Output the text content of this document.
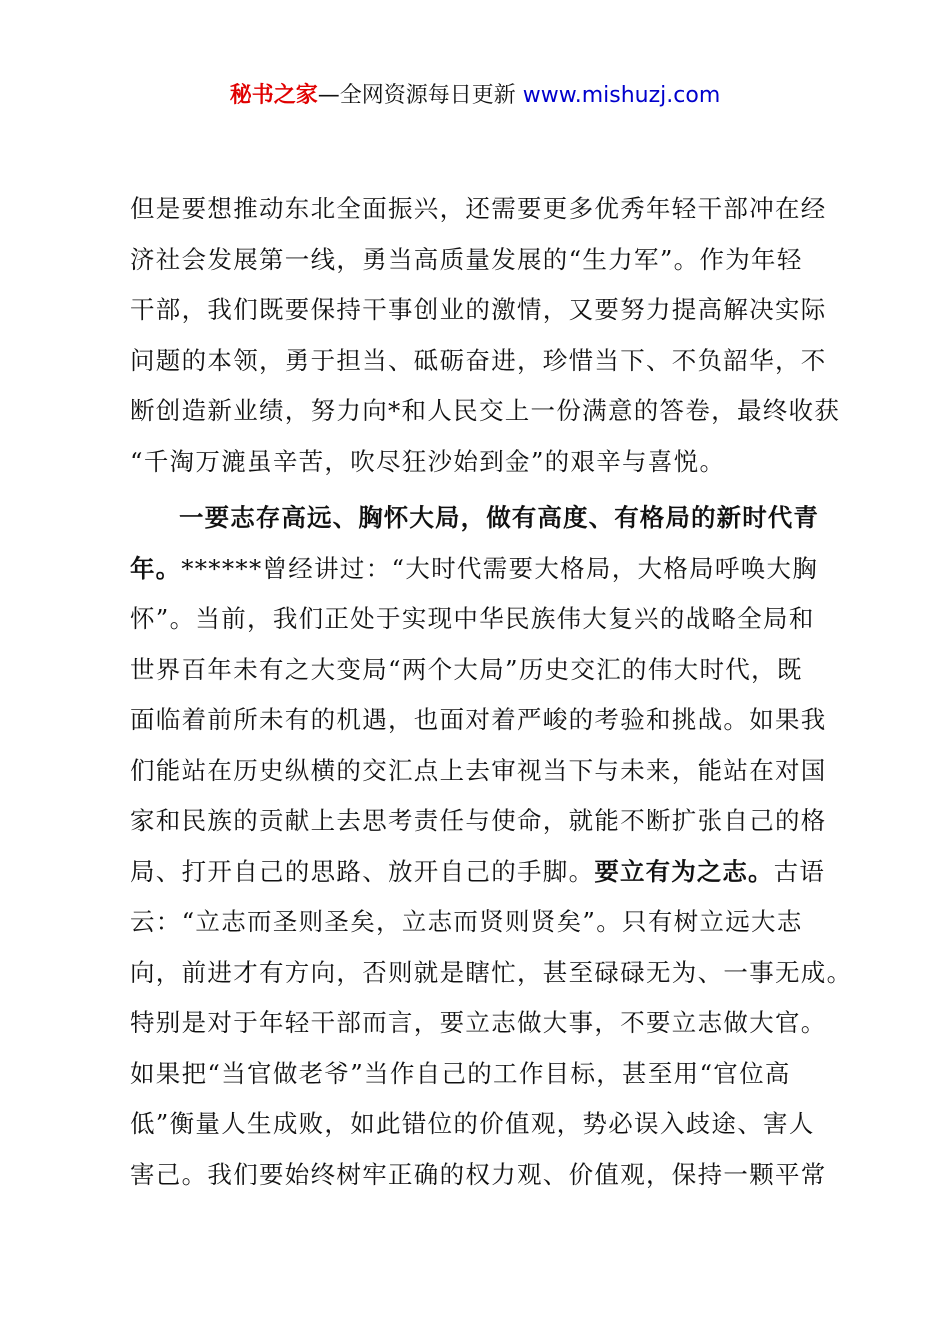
秘书之家—全网资源每日更新 www.mishuzj.com
但是要想推动东北全面振兴，还需要更多优秀年轻干部冲在经
济社会发展第一线，勇当高质量发展的“生力军”。作为年轻
干部，我们既要保持干事创业的激情，又要努力提高解决实际
问题的本领，勇于担当、砥砺奋进，珍惜当下、不负韶华，不
断创造新业绩，努力向*和人民交上一份满意的答卷，最终收获
“千淘万漉虽辛苦，吹尽狂沙始到金”的艰辛与喜悦。
一要志存高远、胸怀大局，做有高度、有格局的新时代青
年。******曾经讲过：“大时代需要大格局，大格局呼唤大胸
怀”。当前，我们正处于实现中华民族伟大复兴的战略全局和
世界百年未有之大变局“两个大局”历史交汇的伟大时代，既
面临着前所未有的机遇，也面对着严峻的考验和挑战。如果我
们能站在历史纵横的交汇点上去审视当下与未来，能站在对国
家和民族的贡献上去思考责任与使命，就能不断扩张自己的格
局、打开自己的思路、放开自己的手脚。要立有为之志。古语
云：“立志而圣则圣矣，立志而贤则贤矣”。只有树立远大志
向，前进才有方向，否则就是瞎忙，甚至碌碌无为、一事无成。
特别是对于年轻干部而言，要立志做大事，不要立志做大官。
如果把“当官做老爷”当作自己的工作目标，甚至用“官位高
低”衡量人生成败，如此错位的价值观，势必误入歧途、害人
害己。我们要始终树牢正确的权力观、价值观，保持一颗平常
